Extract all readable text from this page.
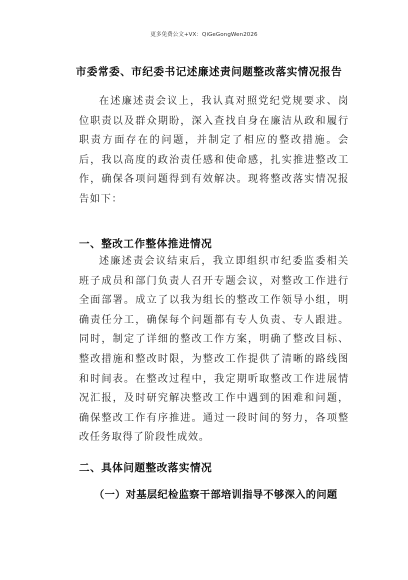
更多免费公文+VX：QiGeGongWen2026
市委常委、市纪委书记述廉述责问题整改落实情况报告

在述廉述责会议上，我认真对照党纪党规要求、岗位职责以及群众期盼，深入查找自身在廉洁从政和履行职责方面存在的问题，并制定了相应的整改措施。会后，我以高度的政治责任感和使命感，扎实推进整改工作，确保各项问题得到有效解决。现将整改落实情况报告如下：

一、整改工作整体推进情况

述廉述责会议结束后，我立即组织市纪委监委相关班子成员和部门负责人召开专题会议，对整改工作进行全面部署。成立了以我为组长的整改工作领导小组，明确责任分工，确保每个问题都有专人负责、专人跟进。同时，制定了详细的整改工作方案，明确了整改目标、整改措施和整改时限，为整改工作提供了清晰的路线图和时间表。在整改过程中，我定期听取整改工作进展情况汇报，及时研究解决整改工作中遇到的困难和问题，确保整改工作有序推进。通过一段时间的努力，各项整改任务取得了阶段性成效。

二、具体问题整改落实情况
（一）对基层纪检监察干部培训指导不够深入的问题
